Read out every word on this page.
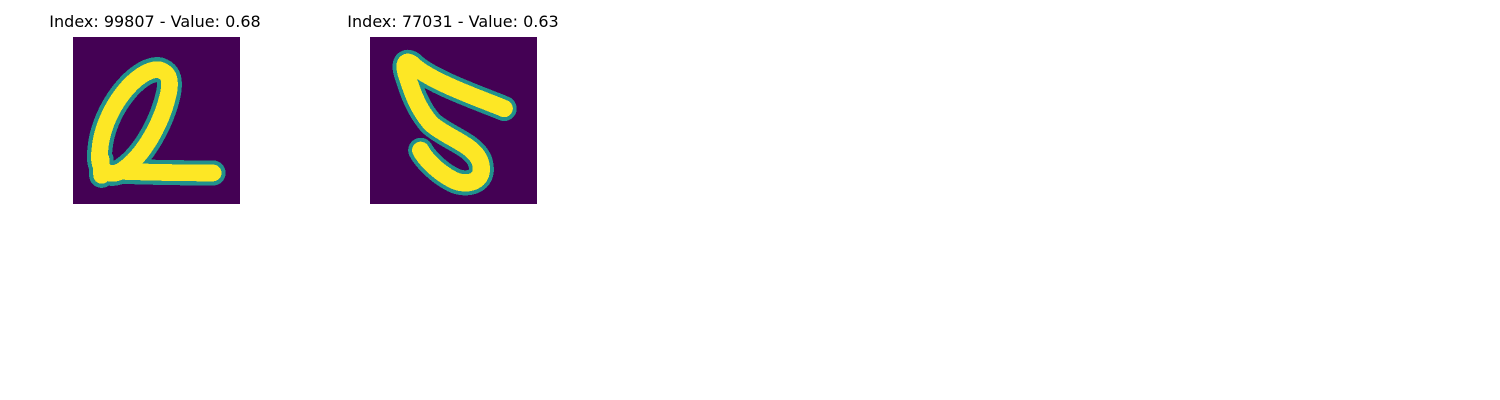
Index: 99807 - Value: 0.68	Index: 77031 - Value: 0.63
